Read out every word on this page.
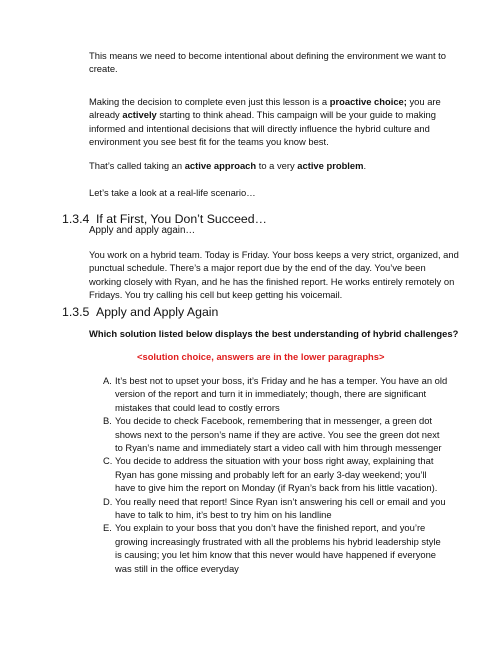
This means we need to become intentional about defining the environment we want to create.

Making the decision to complete even just this lesson is a proactive choice; you are already actively starting to think ahead. This campaign will be your guide to making informed and intentional decisions that will directly influence the hybrid culture and environment you see best fit for the teams you know best.

That’s called taking an active approach to a very active problem.

Let’s take a look at a real-life scenario…

1.3.4 If at First, You Don’t Succeed…

Apply and apply again…

You work on a hybrid team. Today is Friday. Your boss keeps a very strict, organized, and punctual schedule. There’s a major report due by the end of the day. You’ve been working closely with Ryan, and he has the finished report. He works entirely remotely on Fridays. You try calling his cell but keep getting his voicemail.

1.3.5 Apply and Apply Again

Which solution listed below displays the best understanding of hybrid challenges?

<solution choice, answers are in the lower paragraphs>

A. It’s best not to upset your boss, it’s Friday and he has a temper. You have an old version of the report and turn it in immediately; though, there are significant mistakes that could lead to costly errors
B. You decide to check Facebook, remembering that in messenger, a green dot shows next to the person’s name if they are active. You see the green dot next to Ryan’s name and immediately start a video call with him through messenger
C. You decide to address the situation with your boss right away, explaining that Ryan has gone missing and probably left for an early 3-day weekend; you’ll have to give him the report on Monday (if Ryan’s back from his little vacation).
D. You really need that report! Since Ryan isn’t answering his cell or email and you have to talk to him, it’s best to try him on his landline
E. You explain to your boss that you don’t have the finished report, and you’re growing increasingly frustrated with all the problems his hybrid leadership style is causing; you let him know that this never would have happened if everyone was still in the office everyday
